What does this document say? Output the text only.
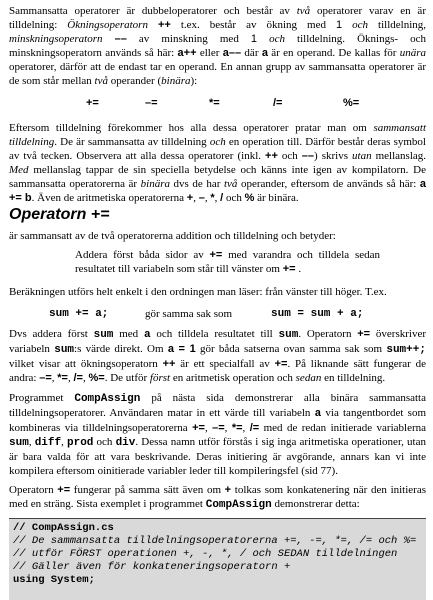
Sammansatta operatorer är dubbeloperatorer och består av två operatorer varav en är tilldelning: Ökningsoperatorn ++ t.ex. består av ökning med 1 och tilldelning, minskningsoperatorn –– av minskning med 1 och tilldelning. Öknings- och minskningsoperatorn används så här: a++ eller a–– där a är en operand. De kallas för unära operatorer, därför att de endast tar en operand. En annan grupp av sammansatta operatorer är de som står mellan två operander (binära):

+=	–=	*=	/=	%=

Eftersom tilldelning förekommer hos alla dessa operatorer pratar man om sammansatt tilldelning. De är sammansatta av tilldelning och en operation till. Därför består deras symbol av två tecken. Observera att alla dessa operatorer (inkl. ++ och ––) skrivs utan mellanslag. Med mellanslag tappar de sin speciella betydelse och känns inte igen av kompilatorn. De sammansatta operatorerna är binära dvs de har två operander, eftersom de används så här: a += b. Även de aritmetiska operatorerna +, –, *, / och % är binära.

Operatorn +=

är sammansatt av de två operatorerna addition och tilldelning och betyder:

Addera först båda sidor av += med varandra och tilldela sedan resultatet till variabeln som står till vänster om += .

Beräkningen utförs helt enkelt i den ordningen man läser: från vänster till höger. T.ex.

sum += a;	gör samma sak som	sum = sum + a;

Dvs addera först sum med a och tilldela resultatet till sum. Operatorn += överskriver variabeln sum:s värde direkt. Om a = 1 gör båda satserna ovan samma sak som sum++; vilket visar att ökningsoperatorn ++ är ett specialfall av +=. På liknande sätt fungerar de andra: –=, *=, /=, %=. De utför först en aritmetisk operation och sedan en tilldelning.

Programmet CompAssign på nästa sida demonstrerar alla binära sammansatta tilldelningsoperatorer. Användaren matar in ett värde till variabeln a via tangentbordet som kombineras via tilldelningsoperatorerna +=, –=, *=, /= med de redan initierade variablerna sum, diff, prod och div. Dessa namn utför förstås i sig inga aritmetiska operationer, utan är bara valda för att vara beskrivande. Deras initiering är avgörande, annars kan vi inte kompilera eftersom oinitierade variabler leder till kompileringsfel (sid 77).

Operatorn += fungerar på samma sätt även om + tolkas som konkatenering när den initieras med en sträng. Sista exemplet i programmet CompAssign demonstrerar detta:

// CompAssign.cs
// De sammansatta tilldelningsoperatorerna +=, -=, *=, /= och %=
// utför FÖRST operationen +, -, *, / och SEDAN tilldelningen
// Gäller även för konkateneringsoperatorn +
using System;
